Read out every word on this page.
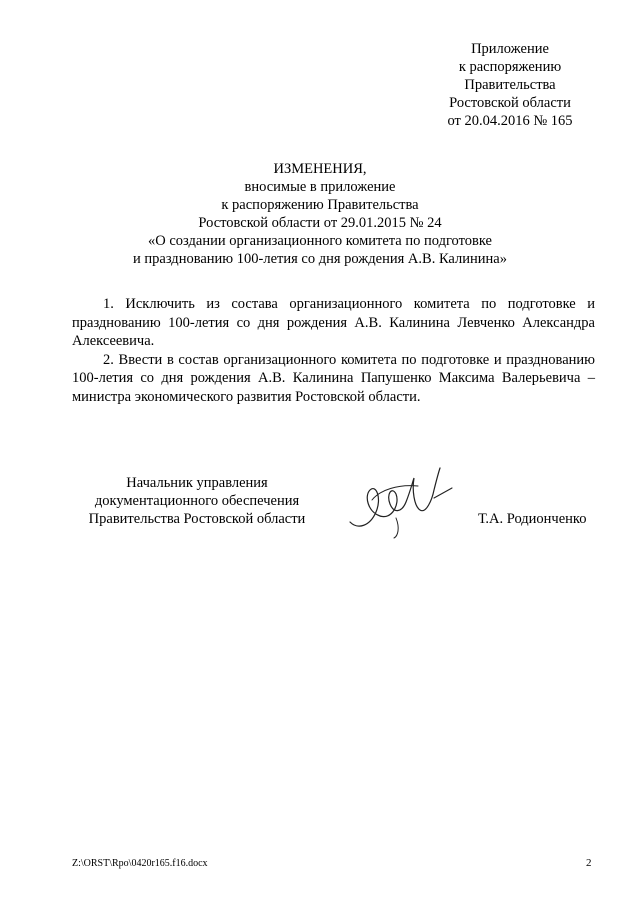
Приложение
к распоряжению
Правительства
Ростовской области
от 20.04.2016 № 165
ИЗМЕНЕНИЯ,
вносимые в приложение
к распоряжению Правительства
Ростовской области от 29.01.2015 № 24
«О создании организационного комитета по подготовке
и празднованию 100-летия со дня рождения А.В. Калинина»

1. Исключить из состава организационного комитета по подготовке и празднованию 100-летия со дня рождения А.В. Калинина Левченко Александра Алексеевича.

2. Ввести в состав организационного комитета по подготовке и празднованию 100-летия со дня рождения А.В. Калинина Папушенко Максима Валерьевича – министра экономического развития Ростовской области.

Начальник управления
документационного обеспечения
Правительства Ростовской области	Т.А. Родионченко
Z:\ORST\Rpo\0420r165.f16.docx	2
